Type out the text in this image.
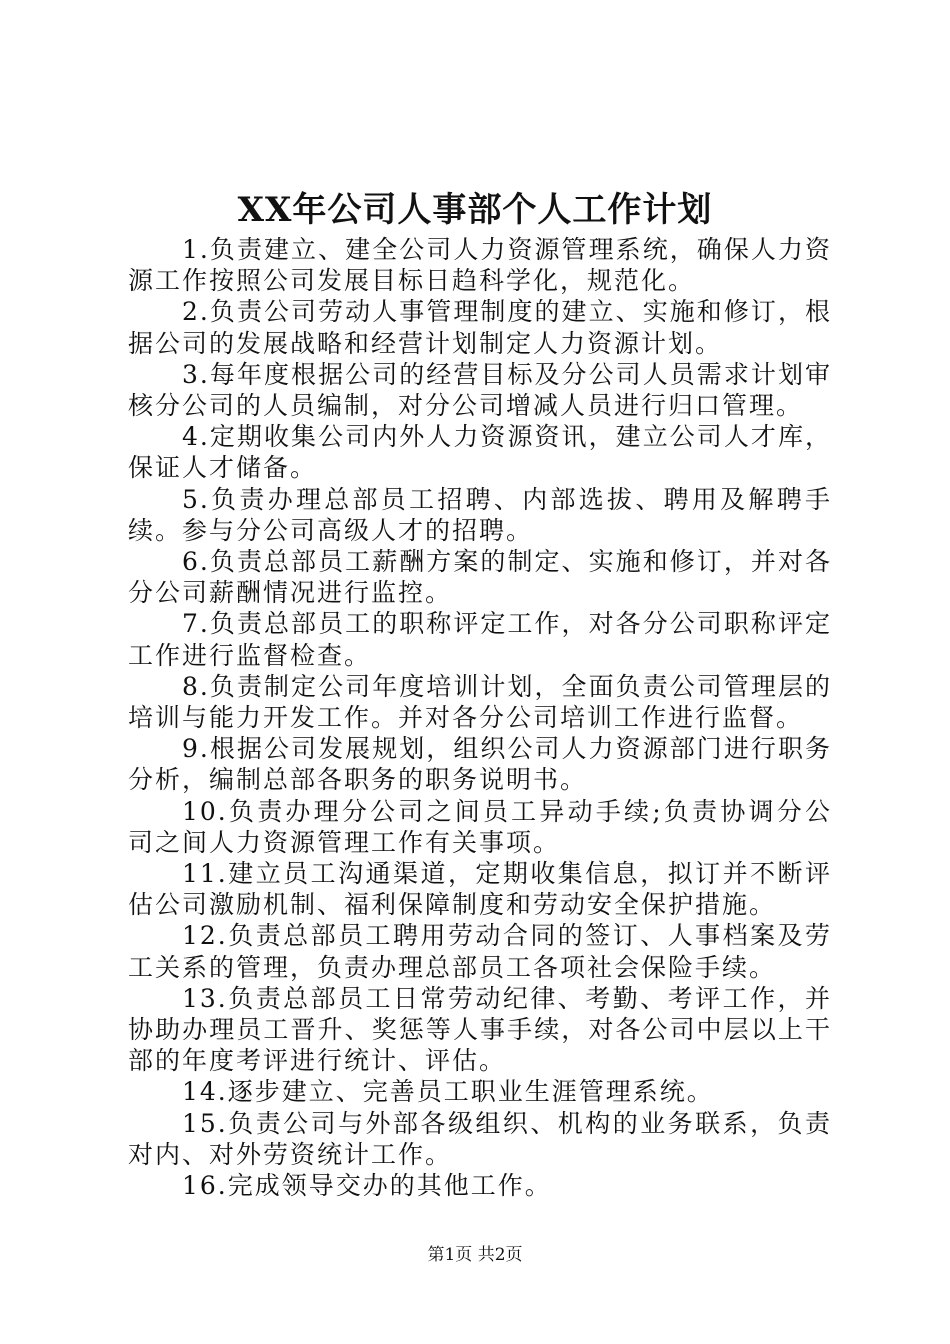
XX年公司人事部个人工作计划

1.负责建立、建全公司人力资源管理系统，确保人力资源工作按照公司发展目标日趋科学化，规范化。

2.负责公司劳动人事管理制度的建立、实施和修订，根据公司的发展战略和经营计划制定人力资源计划。

3.每年度根据公司的经营目标及分公司人员需求计划审核分公司的人员编制，对分公司增减人员进行归口管理。

4.定期收集公司内外人力资源资讯，建立公司人才库，保证人才储备。

5.负责办理总部员工招聘、内部选拔、聘用及解聘手续。参与分公司高级人才的招聘。

6.负责总部员工薪酬方案的制定、实施和修订，并对各分公司薪酬情况进行监控。

7.负责总部员工的职称评定工作，对各分公司职称评定工作进行监督检查。

8.负责制定公司年度培训计划，全面负责公司管理层的培训与能力开发工作。并对各分公司培训工作进行监督。

9.根据公司发展规划，组织公司人力资源部门进行职务分析，编制总部各职务的职务说明书。

10.负责办理分公司之间员工异动手续;负责协调分公司之间人力资源管理工作有关事项。

11.建立员工沟通渠道，定期收集信息，拟订并不断评估公司激励机制、福利保障制度和劳动安全保护措施。

12.负责总部员工聘用劳动合同的签订、人事档案及劳工关系的管理，负责办理总部员工各项社会保险手续。

13.负责总部员工日常劳动纪律、考勤、考评工作，并协助办理员工晋升、奖惩等人事手续，对各公司中层以上干部的年度考评进行统计、评估。

14.逐步建立、完善员工职业生涯管理系统。

15.负责公司与外部各级组织、机构的业务联系，负责对内、对外劳资统计工作。

16.完成领导交办的其他工作。

第1页 共2页
